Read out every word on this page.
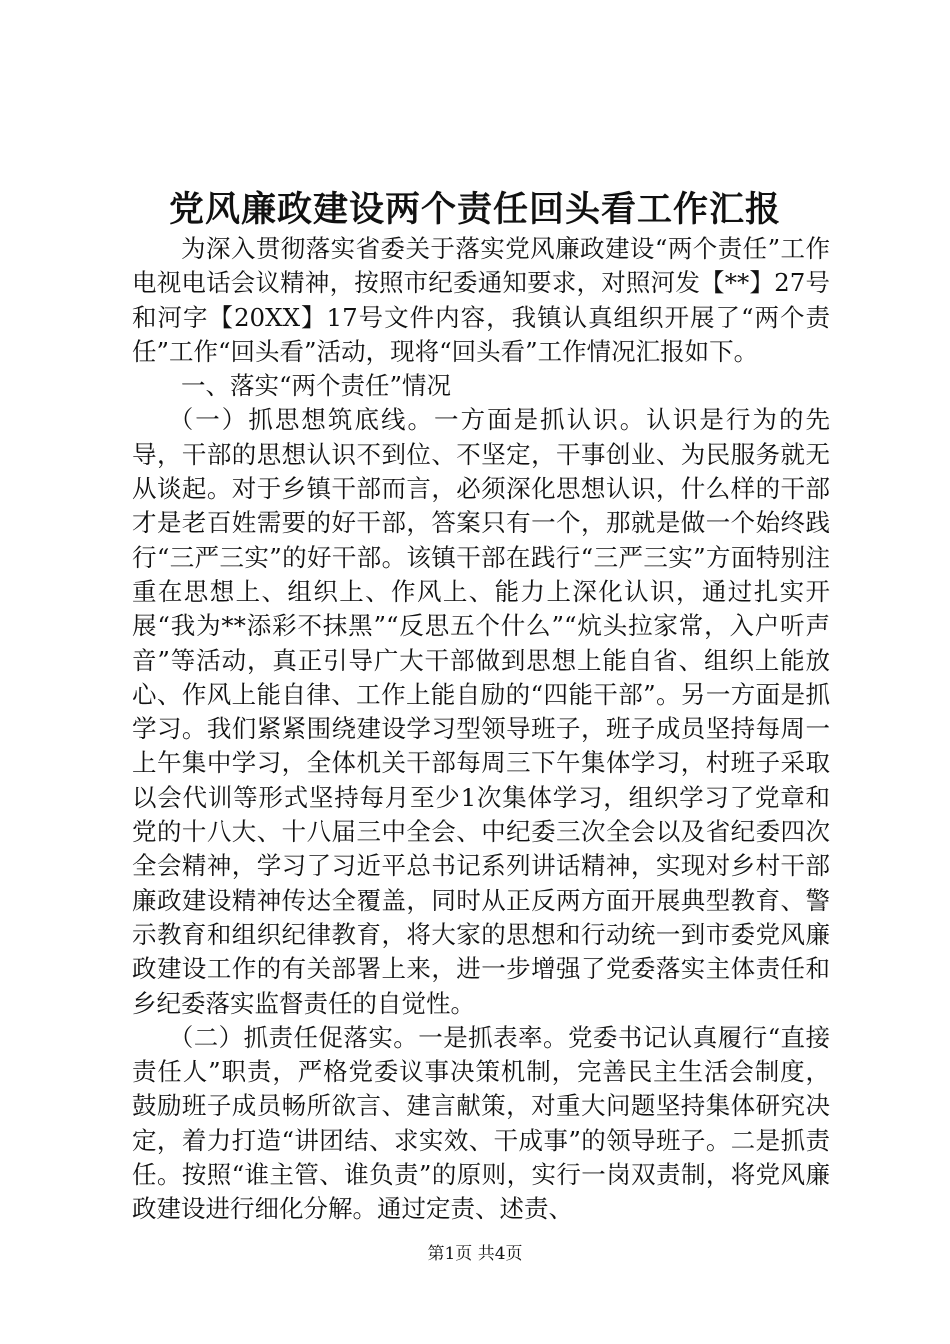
党风廉政建设两个责任回头看工作汇报

为深入贯彻落实省委关于落实党风廉政建设“两个责任”工作电视电话会议精神，按照市纪委通知要求，对照河发【**】27号和河字【20XX】17号文件内容，我镇认真组织开展了“两个责任”工作“回头看”活动，现将“回头看”工作情况汇报如下。

一、落实“两个责任”情况

（一）抓思想筑底线。一方面是抓认识。认识是行为的先导，干部的思想认识不到位、不坚定，干事创业、为民服务就无从谈起。对于乡镇干部而言，必须深化思想认识，什么样的干部才是老百姓需要的好干部，答案只有一个，那就是做一个始终践行“三严三实”的好干部。该镇干部在践行“三严三实”方面特别注重在思想上、组织上、作风上、能力上深化认识，通过扎实开展“我为**添彩不抹黑”“反思五个什么”“炕头拉家常，入户听声音”等活动，真正引导广大干部做到思想上能自省、组织上能放心、作风上能自律、工作上能自励的“四能干部”。另一方面是抓学习。我们紧紧围绕建设学习型领导班子，班子成员坚持每周一上午集中学习，全体机关干部每周三下午集体学习，村班子采取以会代训等形式坚持每月至少1次集体学习，组织学习了党章和党的十八大、十八届三中全会、中纪委三次全会以及省纪委四次全会精神，学习了习近平总书记系列讲话精神，实现对乡村干部廉政建设精神传达全覆盖，同时从正反两方面开展典型教育、警示教育和组织纪律教育，将大家的思想和行动统一到市委党风廉政建设工作的有关部署上来，进一步增强了党委落实主体责任和乡纪委落实监督责任的自觉性。

（二）抓责任促落实。一是抓表率。党委书记认真履行“直接责任人”职责，严格党委议事决策机制，完善民主生活会制度，鼓励班子成员畅所欲言、建言献策，对重大问题坚持集体研究决定，着力打造“讲团结、求实效、干成事”的领导班子。二是抓责任。按照“谁主管、谁负责”的原则，实行一岗双责制，将党风廉政建设进行细化分解。通过定责、述责、

第1页 共4页
